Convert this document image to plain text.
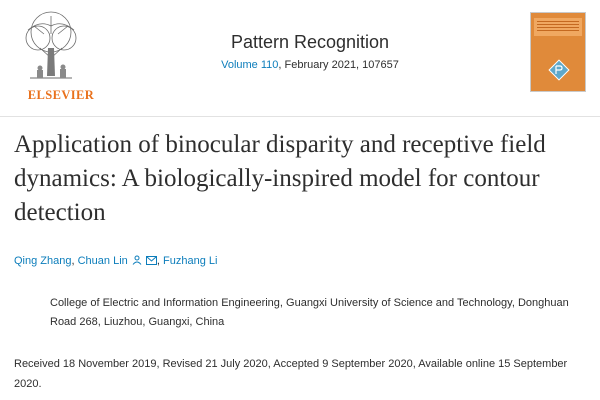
ELSEVIER
Pattern Recognition
Volume 110, February 2021, 107657
Application of binocular disparity and receptive field dynamics: A biologically-inspired model for contour detection
Qing Zhang, Chuan Lin	, Fuzhang Li
College of Electric and Information Engineering, Guangxi University of Science and Technology, Donghuan Road 268, Liuzhou, Guangxi, China
Received 18 November 2019, Revised 21 July 2020, Accepted 9 September 2020, Available online 15 September 2020.
